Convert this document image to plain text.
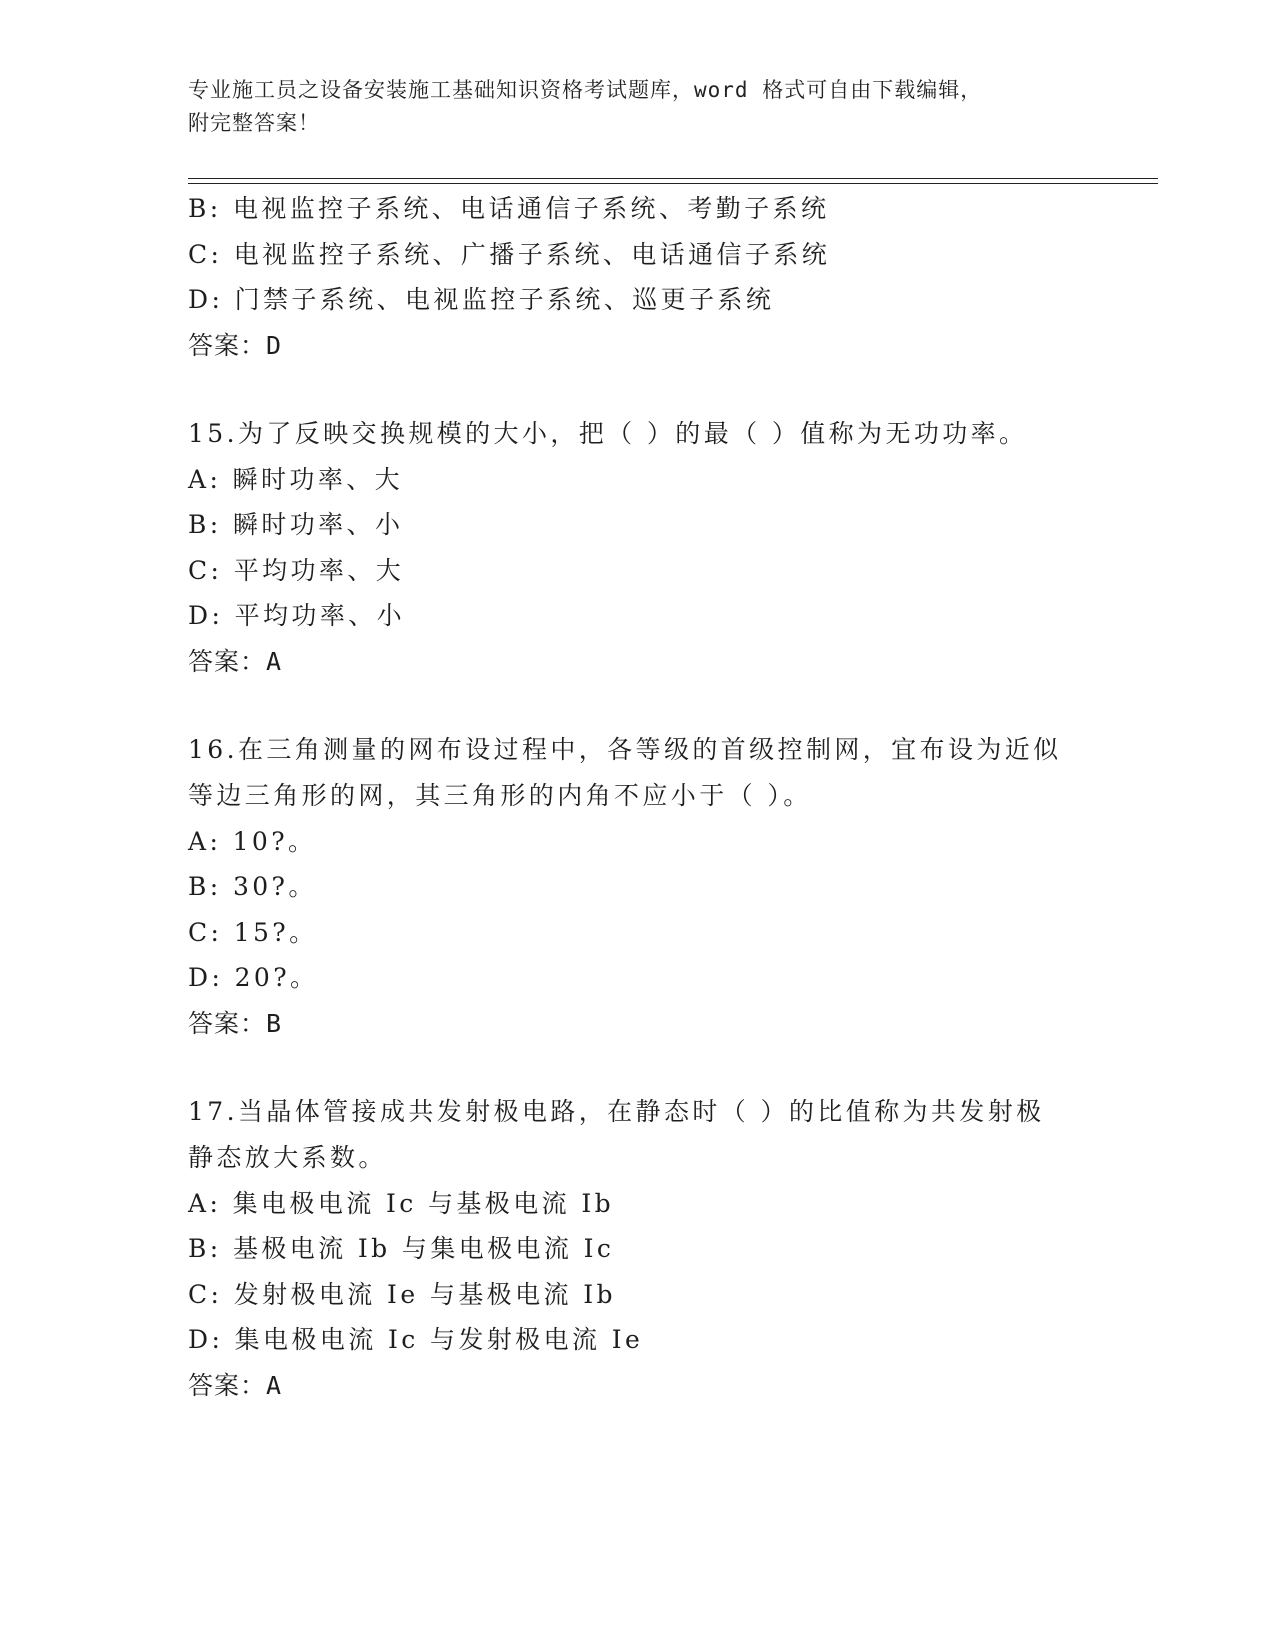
专业施工员之设备安装施工基础知识资格考试题库，word 格式可自由下载编辑，
附完整答案！
B: 电视监控子系统、电话通信子系统、考勤子系统
C: 电视监控子系统、广播子系统、电话通信子系统
D: 门禁子系统、电视监控子系统、巡更子系统
答案：D
15.为了反映交换规模的大小，把（ ）的最（ ）值称为无功功率。
A: 瞬时功率、大
B: 瞬时功率、小
C: 平均功率、大
D: 平均功率、小
答案：A
16.在三角测量的网布设过程中，各等级的首级控制网，宜布设为近似
等边三角形的网，其三角形的内角不应小于（ ）。
A: 10?。
B: 30?。
C: 15?。
D: 20?。
答案：B
17.当晶体管接成共发射极电路，在静态时（ ）的比值称为共发射极
静态放大系数。
A: 集电极电流 Ic 与基极电流 Ib
B: 基极电流 Ib 与集电极电流 Ic
C: 发射极电流 Ie 与基极电流 Ib
D: 集电极电流 Ic 与发射极电流 Ie
答案：A
